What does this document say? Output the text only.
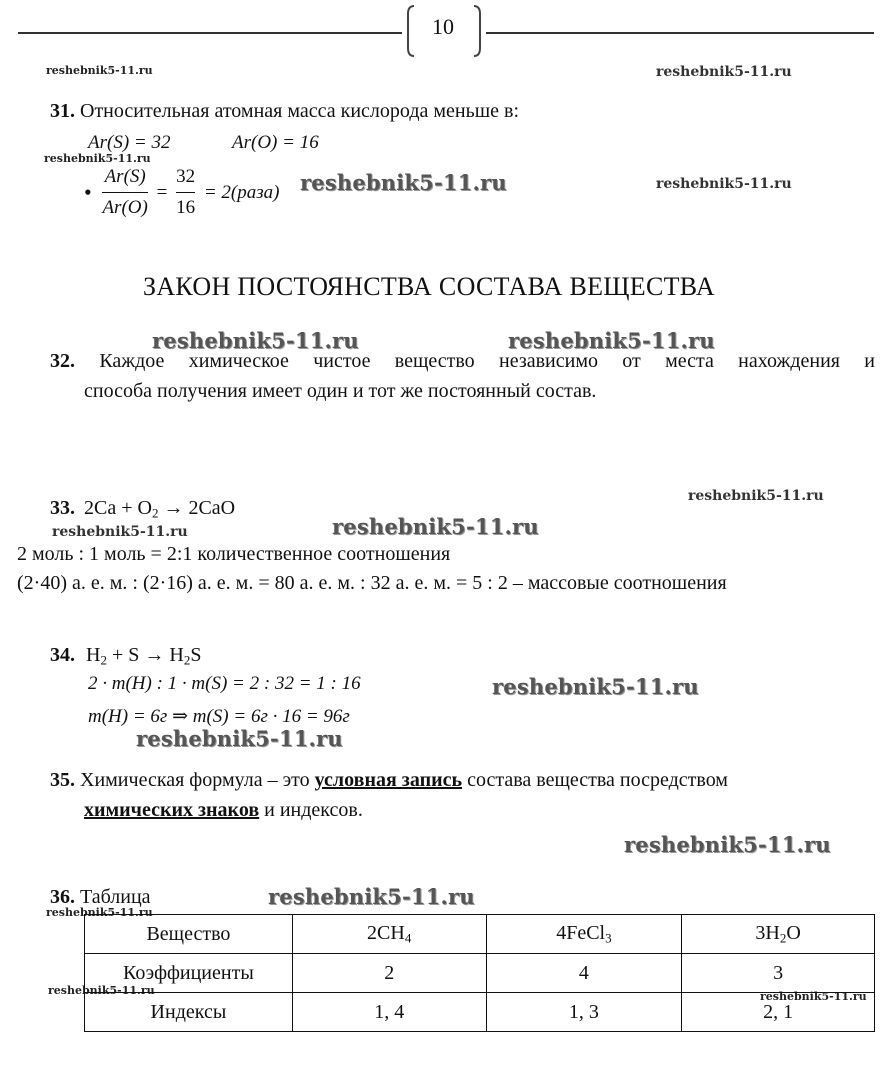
10
reshebnik5-11.ru	reshebnik5-11.ru
reshebnik5-11.ru
reshebnik5-11.ru	reshebnik5-11.ru
reshebnik5-11.ru	reshebnik5-11.ru
reshebnik5-11.ru
reshebnik5-11.ru	reshebnik5-11.ru
reshebnik5-11.ru
reshebnik5-11.ru
reshebnik5-11.ru
reshebnik5-11.ru
reshebnik5-11.ru
reshebnik5-11.ru	reshebnik5-11.ru
31. Относительная атомная масса кислорода меньше в:
Ar(S) = 32	Ar(O) = 16
• $\frac{Ar(S)}{Ar(O)} = \frac{32}{16}$ = 2(раза)
ЗАКОН ПОСТОЯНСТВА СОСТАВА ВЕЩЕСТВА
32. Каждое химическое чистое вещество независимо от места нахождения и
способа получения имеет один и тот же постоянный состав.
33. $2Ca + O_2 \to 2CaO$
2 моль : 1 моль = 2:1 количественное соотношения
(2·40) а. е. м. : (2·16) а. е. м. = 80 а. е. м. : 32 а. е. м. = 5 : 2 – массовые соотношения
34. $H_2 + S \to H_2S$
2 · m(H) : 1 · m(S) = 2 : 32 = 1 : 16
m(H) = 6г ⇒ m(S) = 6г · 16 = 96г
35. Химическая формула – это условная запись состава вещества посредством
химических знаков и индексов.
36. Таблица
Вещество	$2CH_4$	4FeCl$_3$	$3H_2O$
Коэффициенты	2	4	3
Индексы	1, 4	1, 3	2, 1
